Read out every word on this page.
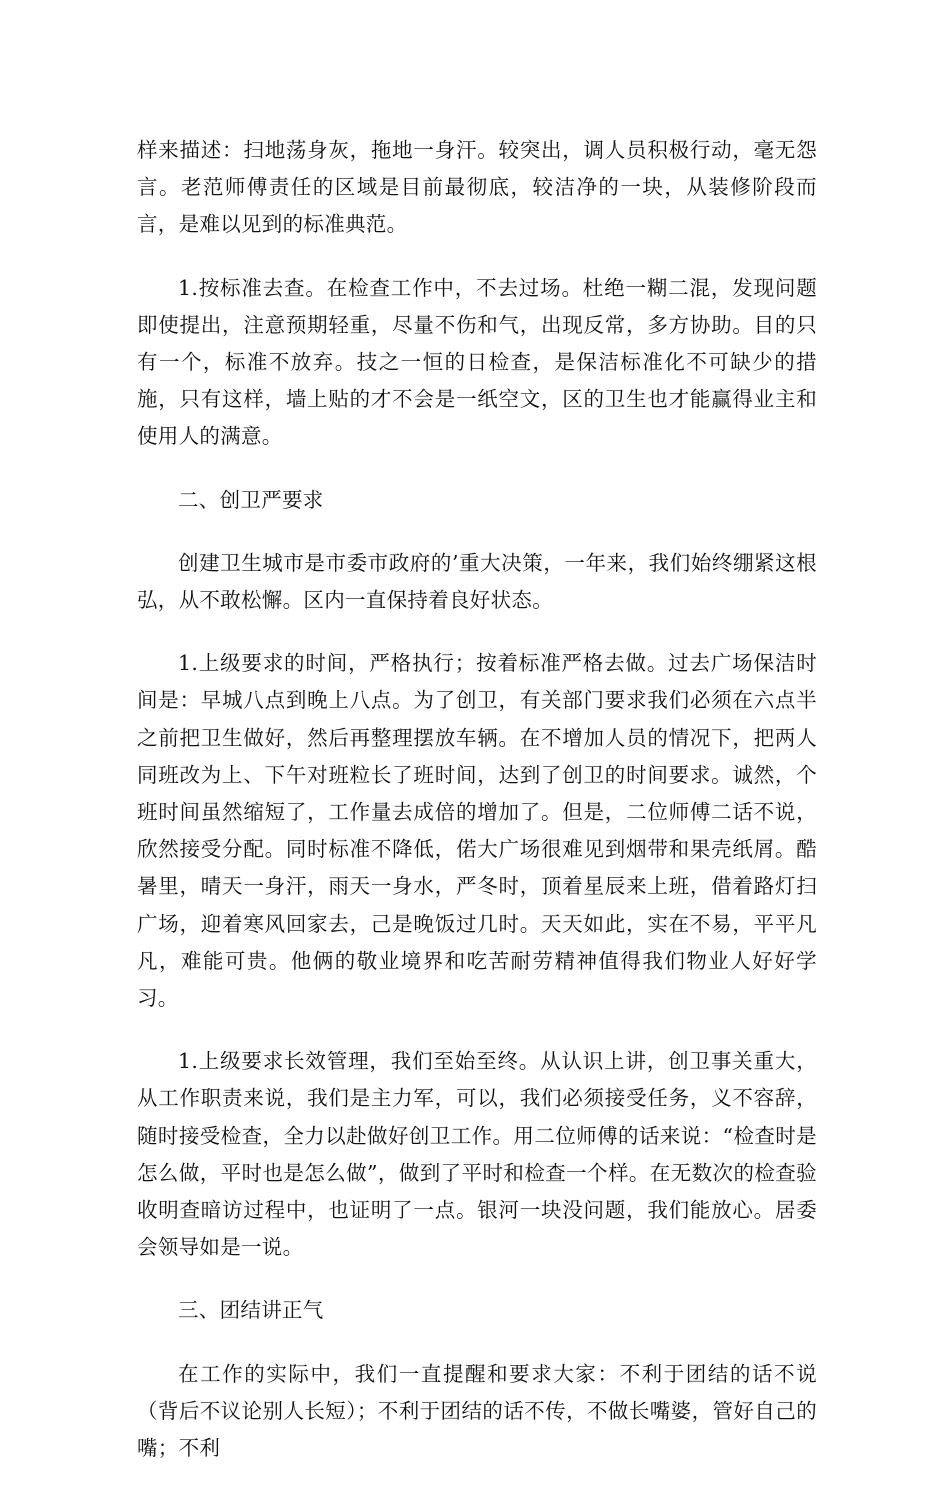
样来描述：扫地荡身灰，拖地一身汗。较突出，调人员积极行动，毫无怨言。老范师傅责任的区域是目前最彻底，较洁净的一块，从装修阶段而言，是难以见到的标准典范。

1.按标准去查。在检查工作中，不去过场。杜绝一糊二混，发现问题即使提出，注意预期轻重，尽量不伤和气，出现反常，多方协助。目的只有一个，标准不放弃。技之一恒的日检查，是保洁标准化不可缺少的措施，只有这样，墙上贴的才不会是一纸空文，区的卫生也才能赢得业主和使用人的满意。

二、创卫严要求

创建卫生城市是市委市政府的’重大决策，一年来，我们始终绷紧这根弘，从不敢松懈。区内一直保持着良好状态。

1.上级要求的时间，严格执行；按着标准严格去做。过去广场保洁时间是：早城八点到晚上八点。为了创卫，有关部门要求我们必须在六点半之前把卫生做好，然后再整理摆放车辆。在不增加人员的情况下，把两人同班改为上、下午对班粒长了班时间，达到了创卫的时间要求。诚然，个班时间虽然缩短了，工作量去成倍的增加了。但是，二位师傅二话不说，欣然接受分配。同时标准不降低，偌大广场很难见到烟带和果壳纸屑。酷暑里，晴天一身汗，雨天一身水，严冬时，顶着星辰来上班，借着路灯扫广场，迎着寒风回家去，己是晚饭过几时。天天如此，实在不易，平平凡凡，难能可贵。他俩的敬业境界和吃苦耐劳精神值得我们物业人好好学习。

1.上级要求长效管理，我们至始至终。从认识上讲，创卫事关重大，从工作职责来说，我们是主力军，可以，我们必须接受任务，义不容辞，随时接受检查，全力以赴做好创卫工作。用二位师傅的话来说：“检查时是怎么做，平时也是怎么做”，做到了平时和检查一个样。在无数次的检查验收明查暗访过程中，也证明了一点。银河一块没问题，我们能放心。居委会领导如是一说。

三、团结讲正气

在工作的实际中，我们一直提醒和要求大家：不利于团结的话不说（背后不议论别人长短）；不利于团结的话不传，不做长嘴婆，管好自己的嘴；不利
